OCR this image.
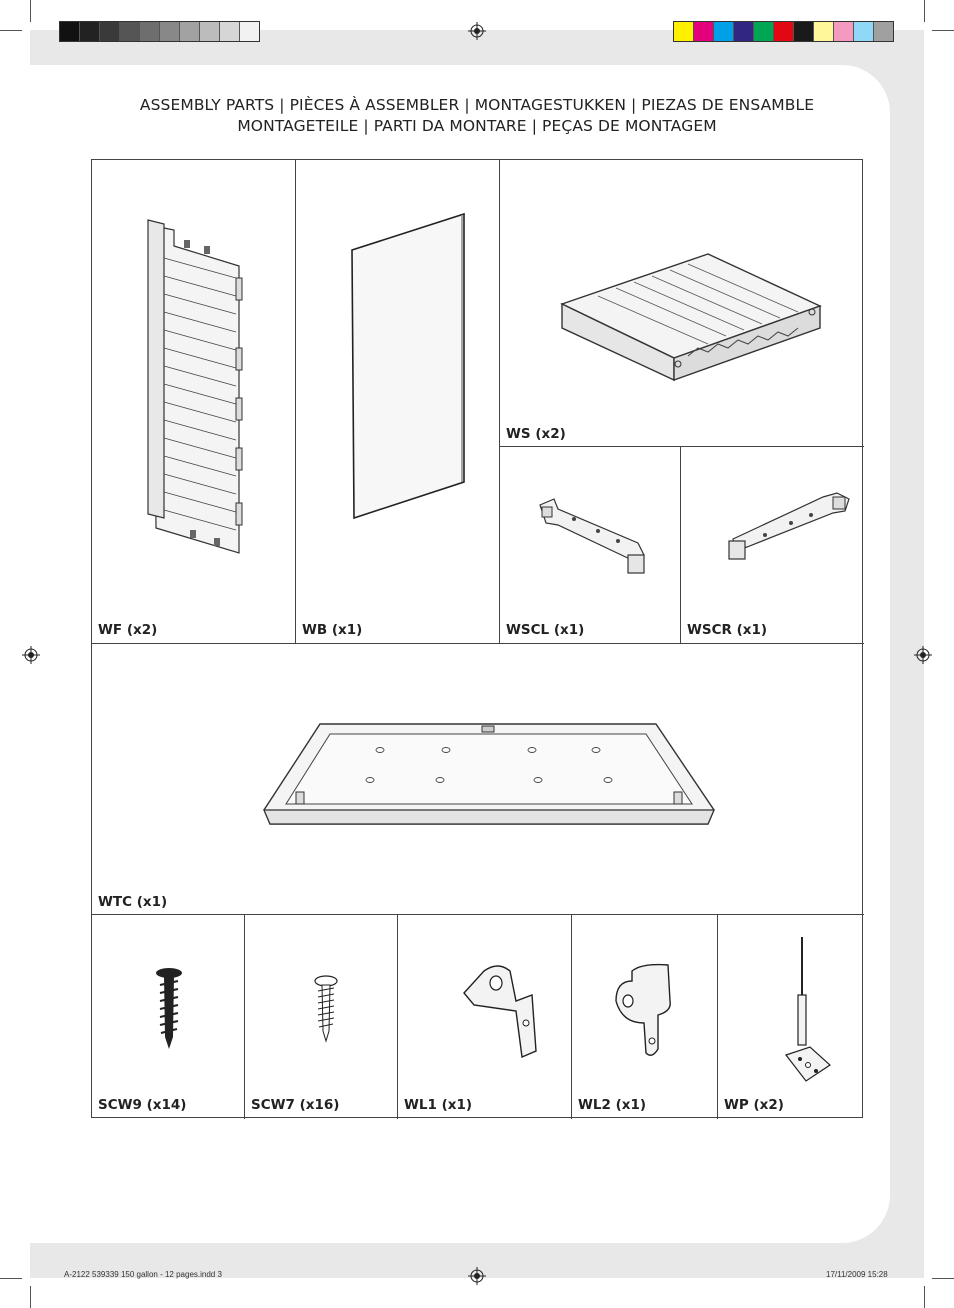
ASSEMBLY PARTS | PIÈCES À ASSEMBLER | MONTAGESTUKKEN | PIEZAS DE ENSAMBLE
MONTAGETEILE | PARTI DA MONTARE | PEÇAS DE MONTAGEM
WF (x2)	WB (x1)
WS (x2)
WSCL (x1)	WSCR (x1)
WTC (x1)
SCW9 (x14)	SCW7 (x16)	WL1 (x1)	WL2 (x1)	WP (x2)
A-2122 539339 150 gallon - 12 pages.indd 3	17/11/2009 15:28
